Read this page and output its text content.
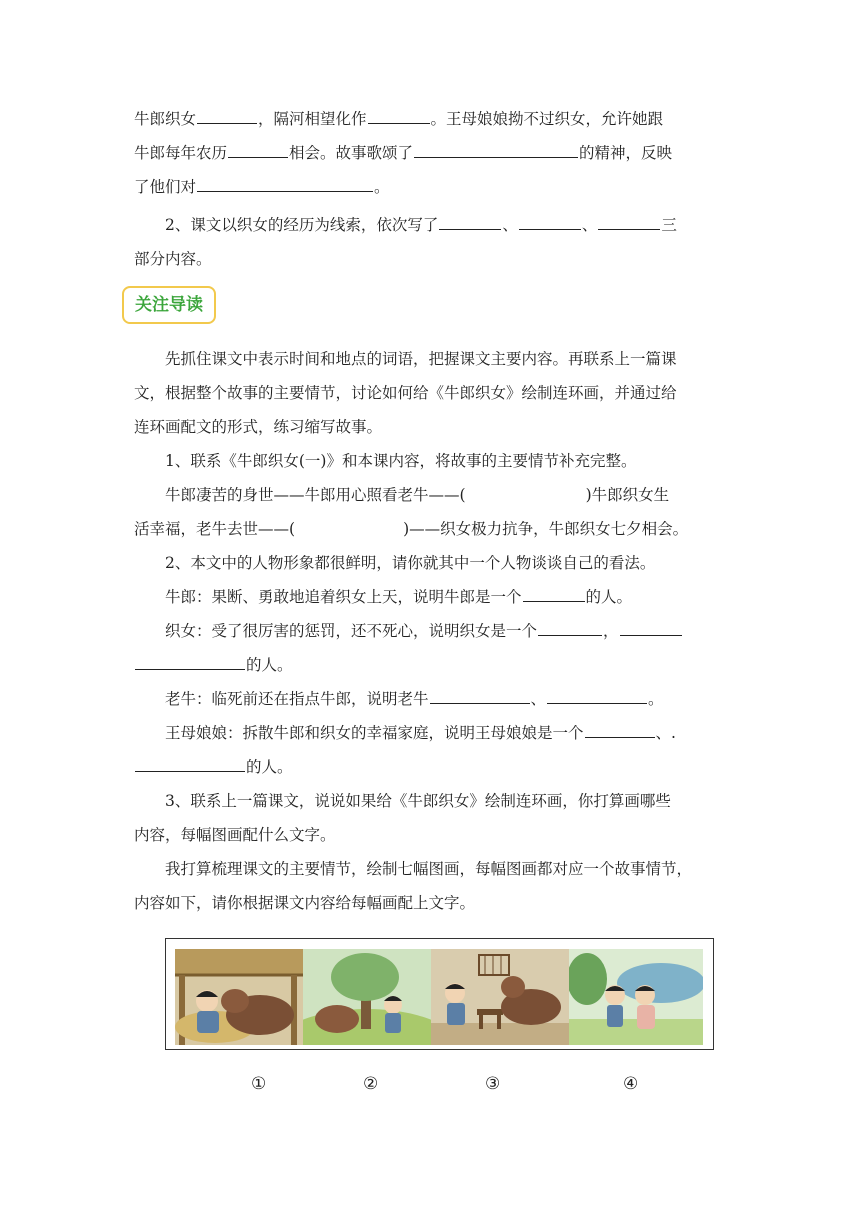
牛郎织女	，隔河相望化作	。王母娘娘拗不过织女，允许她跟

牛郎每年农历	相会。故事歌颂了	的精神，反映

了他们对	。

2、课文以织女的经历为线索，依次写了	、	、	三

部分内容。

关注导读

先抓住课文中表示时间和地点的词语，把握课文主要内容。再联系上一篇课

文，根据整个故事的主要情节，讨论如何给《牛郎织女》绘制连环画，并通过给

连环画配文的形式，练习缩写故事。

1、联系《牛郎织女(一)》和本课内容，将故事的主要情节补充完整。

牛郎凄苦的身世——牛郎用心照看老牛——(	)牛郎织女生

活幸福，老牛去世——(	)——织女极力抗争，牛郎织女七夕相会。

2、本文中的人物形象都很鲜明，请你就其中一个人物谈谈自己的看法。

牛郎：果断、勇敢地追着织女上天，说明牛郎是一个	的人。

织女：受了很厉害的惩罚，还不死心，说明织女是一个	，

的人。

老牛：临死前还在指点牛郎，说明老牛	、	。

王母娘娘：拆散牛郎和织女的幸福家庭，说明王母娘娘是一个	、.

的人。

3、联系上一篇课文，说说如果给《牛郎织女》绘制连环画，你打算画哪些

内容，每幅图画配什么文字。

我打算梳理课文的主要情节，绘制七幅图画，每幅图画都对应一个故事情节，

内容如下，请你根据课文内容给每幅画配上文字。

①	②	③	④
